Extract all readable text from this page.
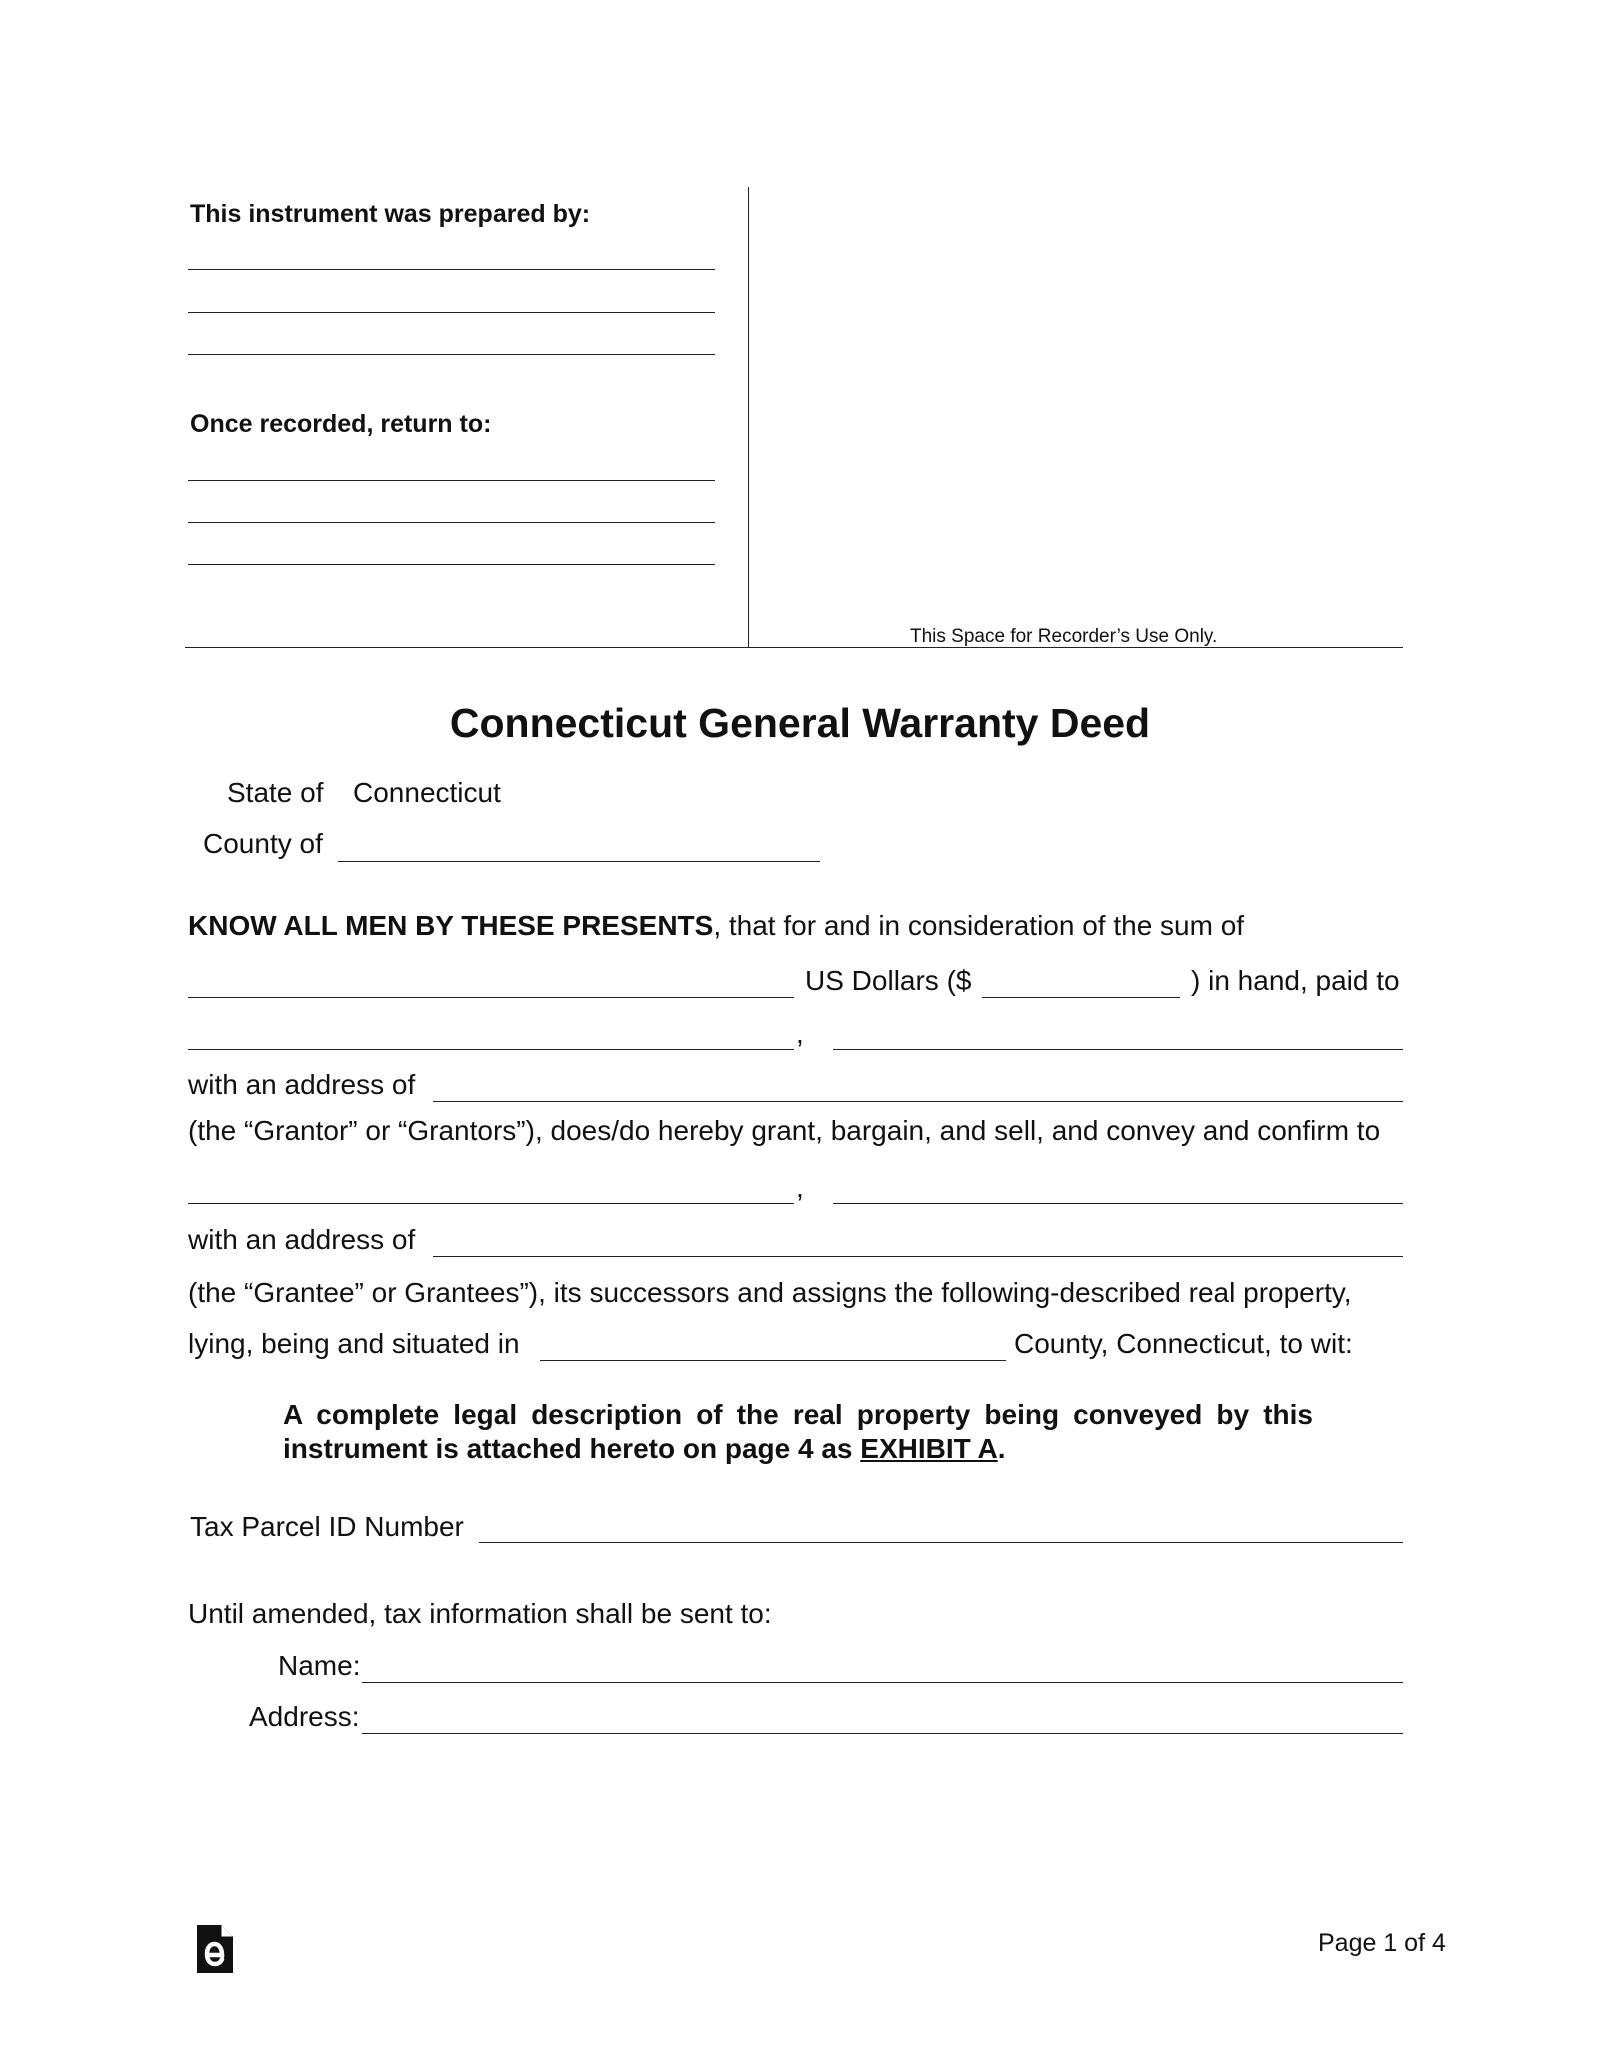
This instrument was prepared by:
Once recorded, return to:
This Space for Recorder’s Use Only.
Connecticut General Warranty Deed
State of Connecticut
County of
KNOW ALL MEN BY THESE PRESENTS, that for and in consideration of the sum of
US Dollars ($	) in hand, paid to
,
with an address of
(the “Grantor” or “Grantors”), does/do hereby grant, bargain, and sell, and convey and confirm to
,
with an address of
(the “Grantee” or Grantees”), its successors and assigns the following-described real property,
lying, being and situated in	County, Connecticut, to wit:
A complete legal description of the real property being conveyed by this instrument is attached hereto on page 4 as EXHIBIT A.
Tax Parcel ID Number
Until amended, tax information shall be sent to:
Name:
Address:
Page 1 of 4
